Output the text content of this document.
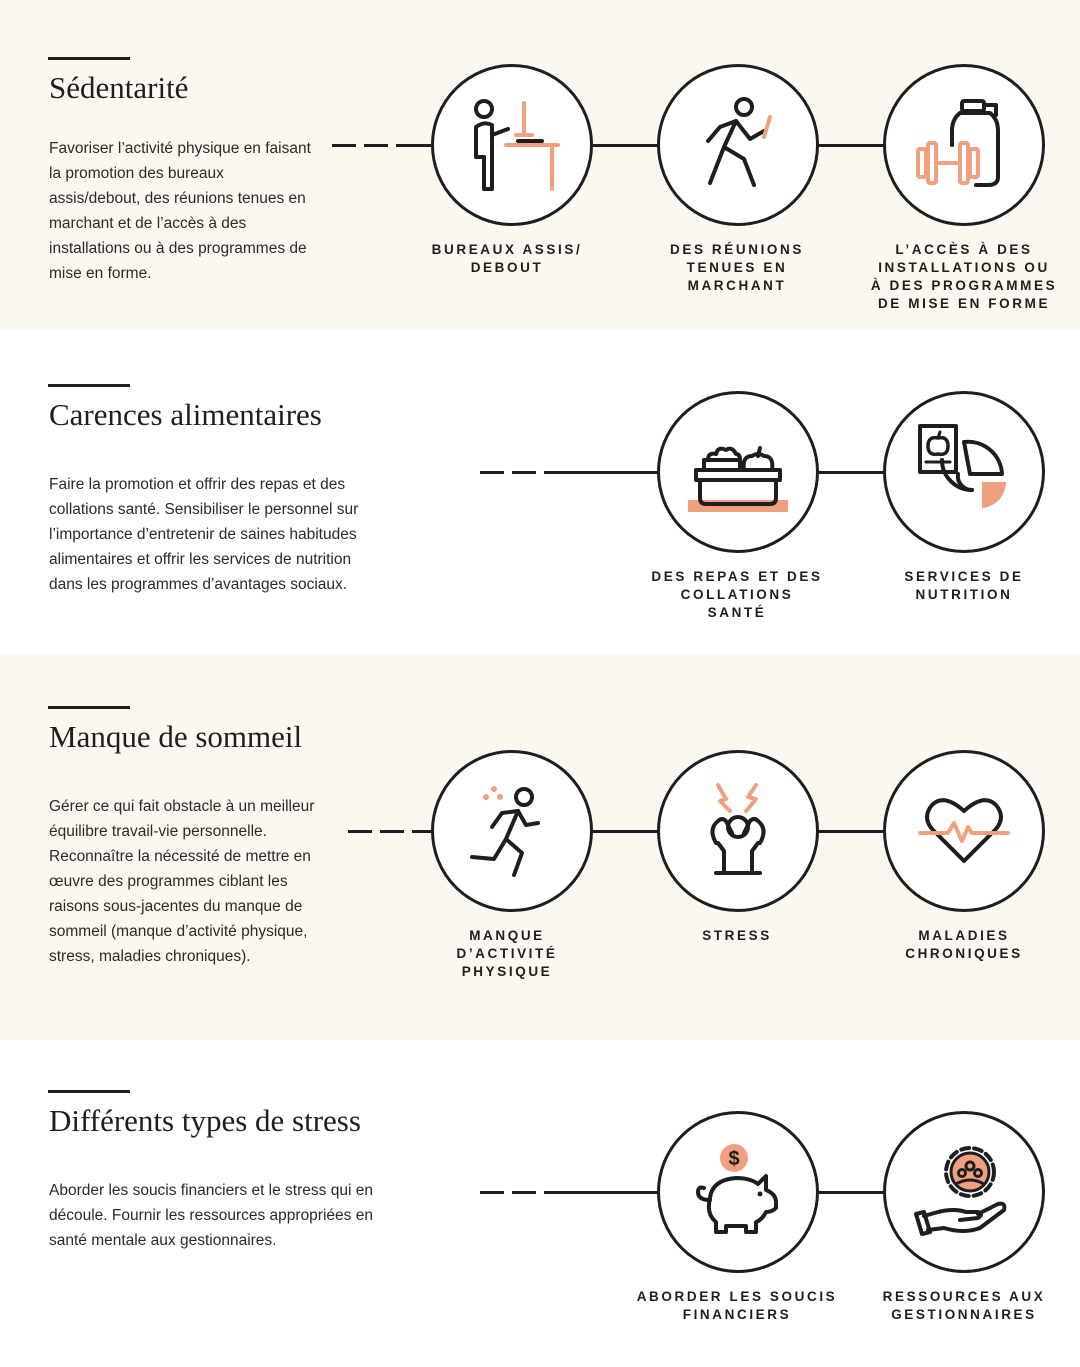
Sédentarité

Favoriser l’activité physique en faisant la promotion des bureaux assis/debout, des réunions tenues en marchant et de l’accès à des installations ou à des programmes de mise en forme.

BUREAUX ASSIS/
DEBOUT
DES RÉUNIONS
TENUES EN
MARCHANT
L’ACCÈS À DES
INSTALLATIONS OU
À DES PROGRAMMES
DE MISE EN FORME
Carences alimentaires

Faire la promotion et offrir des repas et des collations santé. Sensibiliser le personnel sur l’importance d’entretenir de saines habitudes alimentaires et offrir les services de nutrition dans les programmes d’avantages sociaux.	DES REPAS ET DES
COLLATIONS
SANTÉ
SERVICES DE
NUTRITION
Manque de sommeil

Gérer ce qui fait obstacle à un meilleur équilibre travail-vie personnelle. Reconnaître la nécessité de mettre en œuvre des programmes ciblant les raisons sous-jacentes du manque de sommeil (manque d’activité physique, stress, maladies chroniques).

MANQUE
D’ACTIVITÉ
PHYSIQUE
STRESS	MALADIES
CHRONIQUES
Différents types de stress

Aborder les soucis financiers et le stress qui en découle. Fournir les ressources appropriées en santé mentale aux gestionnaires.

$
ABORDER LES SOUCIS
FINANCIERS
RESSOURCES AUX
GESTIONNAIRES
